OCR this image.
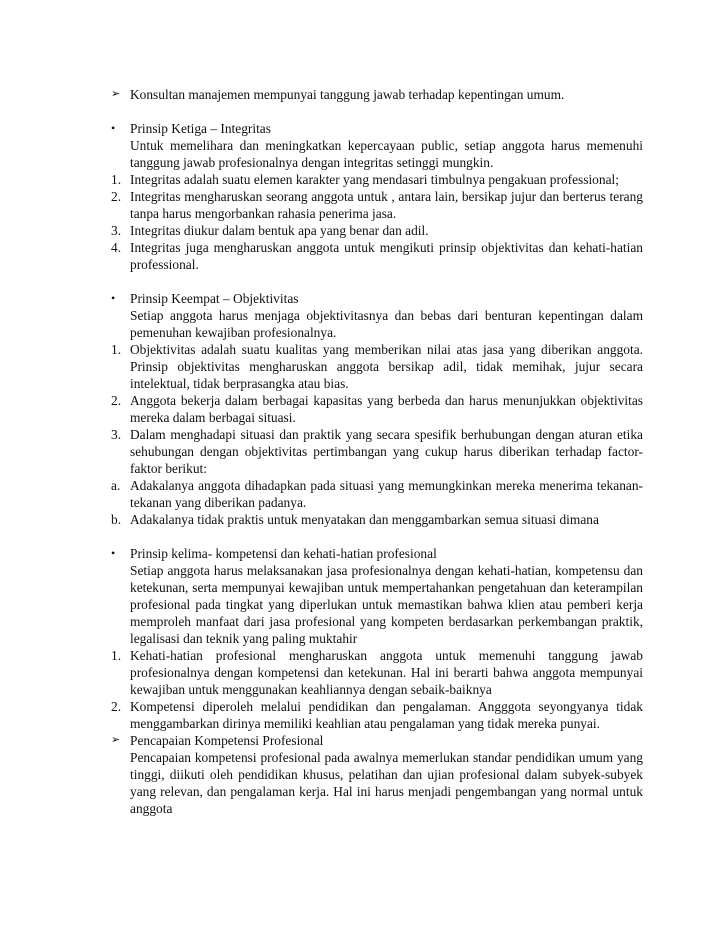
➢ Konsultan manajemen mempunyai tanggung jawab terhadap kepentingan umum.
•	Prinsip Ketiga – Integritas
Untuk memelihara dan meningkatkan kepercayaan public, setiap anggota harus memenuhi tanggung jawab profesionalnya dengan integritas setinggi mungkin.
1. Integritas adalah suatu elemen karakter yang mendasari timbulnya pengakuan professional;
2. Integritas mengharuskan seorang anggota untuk , antara lain, bersikap jujur dan berterus terang tanpa harus mengorbankan rahasia penerima jasa.
3. Integritas diukur dalam bentuk apa yang benar dan adil.
4. Integritas juga mengharuskan anggota untuk mengikuti prinsip objektivitas dan kehati-hatian professional.
•	Prinsip Keempat – Objektivitas
Setiap anggota harus menjaga objektivitasnya dan bebas dari benturan kepentingan dalam pemenuhan kewajiban profesionalnya.
1. Objektivitas adalah suatu kualitas yang memberikan nilai atas jasa yang diberikan anggota. Prinsip objektivitas mengharuskan anggota bersikap adil, tidak memihak, jujur secara intelektual, tidak berprasangka atau bias.
2. Anggota bekerja dalam berbagai kapasitas yang berbeda dan harus menunjukkan objektivitas mereka dalam berbagai situasi.
3. Dalam menghadapi situasi dan praktik yang secara spesifik berhubungan dengan aturan etika sehubungan dengan objektivitas pertimbangan yang cukup harus diberikan terhadap factor-faktor berikut:
a. Adakalanya anggota dihadapkan pada situasi yang memungkinkan mereka menerima tekanan-tekanan yang diberikan padanya.
b. Adakalanya tidak praktis untuk menyatakan dan menggambarkan semua situasi dimana
•	Prinsip kelima- kompetensi dan kehati-hatian profesional
Setiap anggota harus melaksanakan jasa profesionalnya dengan kehati-hatian, kompetensu dan ketekunan, serta mempunyai kewajiban untuk mempertahankan pengetahuan dan keterampilan profesional pada tingkat yang diperlukan untuk memastikan bahwa klien atau pemberi kerja memproleh manfaat dari jasa profesional yang kompeten berdasarkan perkembangan praktik, legalisasi dan teknik yang paling muktahir
1. Kehati-hatian profesional mengharuskan anggota untuk memenuhi tanggung jawab profesionalnya dengan kompetensi dan ketekunan. Hal ini berarti bahwa anggota mempunyai kewajiban untuk menggunakan keahliannya dengan sebaik-baiknya
2. Kompetensi diperoleh melalui pendidikan dan pengalaman. Angggota seyongyanya tidak menggambarkan dirinya memiliki keahlian atau pengalaman yang tidak mereka punyai.
➢ Pencapaian Kompetensi Profesional
Pencapaian kompetensi profesional pada awalnya memerlukan standar pendidikan umum yang tinggi, diikuti oleh pendidikan khusus, pelatihan dan ujian profesional dalam subyek-subyek yang relevan, dan pengalaman kerja. Hal ini harus menjadi pengembangan yang normal untuk anggota
